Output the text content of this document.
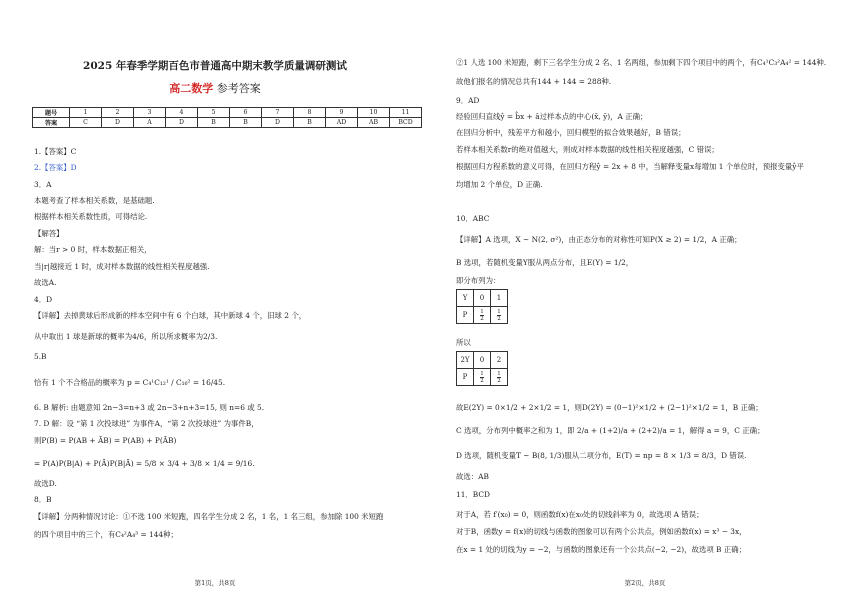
2025 年春季学期百色市普通高中期末教学质量调研测试
高二数学 参考答案
题号	1	2	3	4	5	6	7	8	9	10	11
答案	C	D	A	D	B	B	D	B	AD	AB	BCD
1.【答案】C
2.【答案】D
3．A
本题考查了样本相关系数，是基础题.
根据样本相关系数性质，可得结论.
【解答】
解：当r > 0 时，样本数据正相关，
当|r|越接近 1 时，成对样本数据的线性相关程度越强.
故选A.
4．D
【详解】去掉黄球后形成新的样本空间中有 6 个白球，其中新球 4 个，旧球 2 个，
从中取出 1 球是新球的概率为4/6，所以所求概率为2/3.
5.B
恰有 1 个不合格品的概率为 p = C₄¹C₁₂¹ / C₁₆² = 16/45.
6. B 解析: 由题意知 2n−3=n+3 或 2n−3+n+3=15, 则 n=6 或 5.
7. D 解：设 “第 1 次投球进” 为事件A，“第 2 次投球进” 为事件B，
则P(B) = P(AB + ĀB) = P(AB) + P(ĀB)
= P(A)P(B|A) + P(Ā)P(B|Ā) = 5/8 × 3/4 + 3/8 × 1/4 = 9/16.
故选D.
8．B
【详解】分两种情况讨论：①不选 100 米短跑，四名学生分成 2 名，1 名，1 名三组，参加除 100 米短跑
的四个项目中的三个，有C₄²A₄³ = 144种；
第1页，共8页
②1 人选 100 米短跑，剩下三名学生分成 2 名、1 名两组，参加剩下四个项目中的两个，有C₄¹C₃²A₄² = 144种.
故他们报名的情况总共有144 + 144 = 288种.
9．AD
经验回归直线ŷ = b̂x + â过样本点的中心(x̄, ȳ)，A 正确；
在回归分析中，残差平方和越小，回归模型的拟合效果越好，B 错误；
若样本相关系数r的绝对值越大，则成对样本数据的线性相关程度越强，C 错误；
根据回归方程系数的意义可得，在回归方程ŷ = 2x + 8 中，当解释变量x每增加 1 个单位时，预报变量ŷ平
均增加 2 个单位，D 正确.
10．ABC
【详解】A 选项，X ~ N(2, σ²)，由正态分布的对称性可知P(X ≥ 2) = 1/2，A 正确；
B 选项，若随机变量Y服从两点分布，且E(Y) = 1/2，
即分布列为：
Y	0	1
P	$\frac{1}{2}$	$\frac{1}{2}$
所以
2Y	0	2
P	$\frac{1}{2}$	$\frac{1}{2}$
故E(2Y) = 0×1/2 + 2×1/2 = 1，则D(2Y) = (0−1)²×1/2 + (2−1)²×1/2 = 1，B 正确；
C 选项，分布列中概率之和为 1，即 2/a + (1+2)/a + (2+2)/a = 1，解得 a = 9，C 正确；
D 选项，随机变量T ~ B(8, 1/3)服从二项分布，E(T) = np = 8 × 1/3 = 8/3，D 错误.
故选：AB
11．BCD
对于A，若 f′(x₀) = 0，则函数f(x)在x₀处的切线斜率为 0，故选项 A 错误；
对于B，函数y = f(x)的切线与函数的图象可以有两个公共点，例如函数f(x) = x³ − 3x，
在x = 1 处的切线为y = −2，与函数的图象还有一个公共点(−2, −2)，故选项 B 正确；
第2页，共8页
